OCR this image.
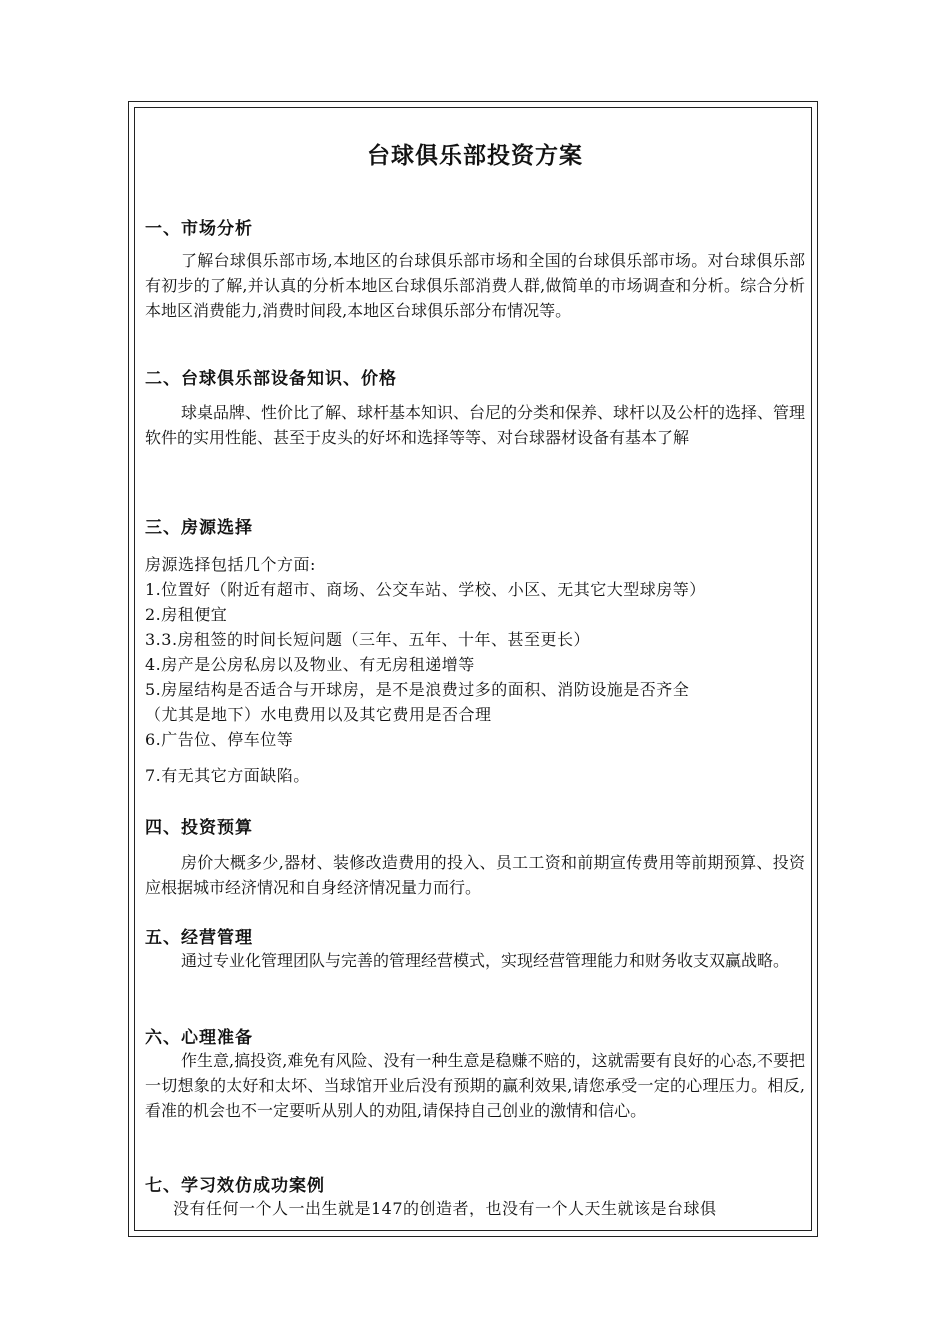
台球俱乐部投资方案
一、市场分析

了解台球俱乐部市场,本地区的台球俱乐部市场和全国的台球俱乐部市场。对台球俱乐部有初步的了解,并认真的分析本地区台球俱乐部消费人群,做简单的市场调查和分析。综合分析本地区消费能力,消费时间段,本地区台球俱乐部分布情况等。

二、台球俱乐部设备知识、价格

球桌品牌、性价比了解、球杆基本知识、台尼的分类和保养、球杆以及公杆的选择、管理软件的实用性能、甚至于皮头的好坏和选择等等、对台球器材设备有基本了解

三、房源选择
房源选择包括几个方面:
1.位置好（附近有超市、商场、公交车站、学校、小区、无其它大型球房等）
2.房租便宜
3.3.房租签的时间长短问题（三年、五年、十年、甚至更长）
4.房产是公房私房以及物业、有无房租递增等
5.房屋结构是否适合与开球房，是不是浪费过多的面积、消防设施是否齐全
（尤其是地下）水电费用以及其它费用是否合理
6.广告位、停车位等
7.有无其它方面缺陷。
四、投资预算

房价大概多少,器材、装修改造费用的投入、员工工资和前期宣传费用等前期预算、投资应根据城市经济情况和自身经济情况量力而行。

五、经营管理

通过专业化管理团队与完善的管理经营模式，实现经营管理能力和财务收支双赢战略。

六、心理准备

作生意,搞投资,难免有风险、没有一种生意是稳赚不赔的，这就需要有良好的心态,不要把一切想象的太好和太坏、当球馆开业后没有预期的赢利效果,请您承受一定的心理压力。相反,看准的机会也不一定要听从别人的劝阻,请保持自己创业的激情和信心。

七、学习效仿成功案例
没有任何一个人一出生就是147的创造者，也没有一个人天生就该是台球俱
